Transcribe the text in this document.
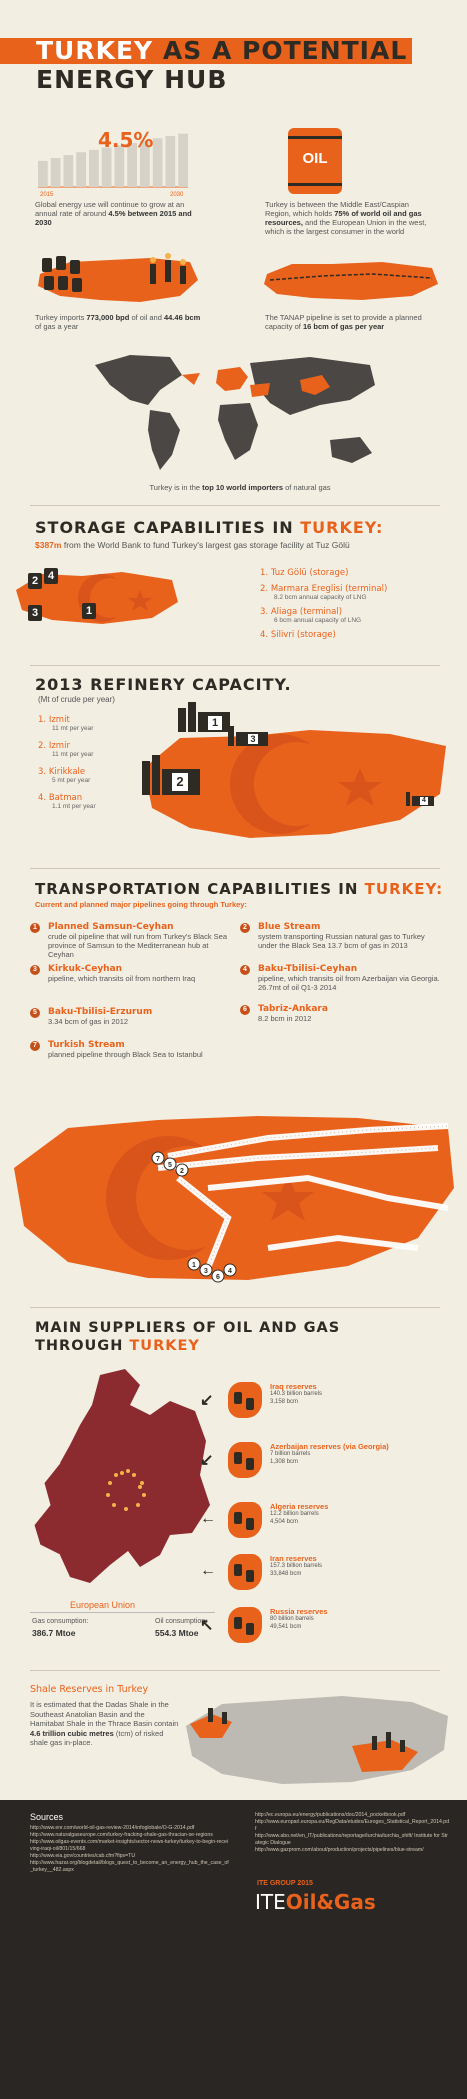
TURKEY AS A POTENTIAL
ENERGY HUB
4.5%
2015	2030
Global energy use will continue to grow at an annual rate of around 4.5% between 2015 and 2030
OIL
Turkey is between the Middle East/Caspian Region, which holds 75% of world oil and gas resources, and the European Union in the west, which is the largest consumer in the world
Turkey imports 773,000 bpd of oil and 44.46 bcm of gas a year
The TANAP pipeline is set to provide a planned capacity of 16 bcm of gas per year
Turkey is in the top 10 world importers of natural gas
STORAGE CAPABILITIES IN TURKEY:
$387m from the World Bank to fund Turkey's largest gas storage facility at Tuz Gölü
2 4
3	1
1. Tuz Gölü (storage)
2. Marmara Ereglisi (terminal)
8.2 bcm annual capacity of LNG
3. Aliaga (terminal)
6 bcm annual capacity of LNG
4. Silivri (storage)
2013 REFINERY CAPACITY.
(Mt of crude per year)
1. Izmit
11 mt per year
2. Izmir
11 mt per year
3. Kirikkale
5 mt per year
4. Batman
1.1 mt per year
1
2
3
4
TRANSPORTATION CAPABILITIES IN TURKEY:
Current and planned major pipelines going through Turkey:
1	Planned Samsun-Ceyhan
crude oil pipeline that will run from Turkey's Black Sea province of Samsun to the Mediterranean hub at Ceyhan
2	Blue Stream
system transporting Russian natural gas to Turkey under the Black Sea 13.7 bcm of gas in 2013
3	Kirkuk-Ceyhan
pipeline, which transits oil from northern Iraq
4	Baku-Tbilisi-Ceyhan
pipeline, which transits oil from Azerbaijan via Georgia. 26.7mt of oil Q1-3 2014
5	Baku-Tbilisi-Erzurum
3.34 bcm of gas in 2012
6	Tabriz-Ankara
8.2 bcm in 2012
7	Turkish Stream
planned pipeline through Black Sea to Istanbul
7
5
2
1
3
6
4
MAIN SUPPLIERS OF OIL AND GAS
THROUGH TURKEY
European Union
Gas consumption:
386.7 Mtoe
Oil consumption:
554.3 Mtoe
↙
Iraq reserves
140.3 billion barrels
3,158 bcm
↙
Azerbaijan reserves (via Georgia)
7 billion barrels
1,308 bcm
←
Algeria reserves
12.2 billion barrels
4,504 bcm
←
Iran reserves
157.3 billion barrels
33,848 bcm
↖
Russia reserves
80 billion barrels
49,541 bcm
Shale Reserves in Turkey
It is estimated that the Dadas Shale in the Southeast Anatolian Basin and the Hamitabat Shale in the Thrace Basin contain 4.6 trillion cubic metres (tcm) of risked shale gas in-place.
Sources
http://www.enr.com/world-oil-gas-review-2014/infoglobale/O-G-2014.pdf
http://www.naturalgaseurope.com/turkey-fracking-shale-gas-thracian-se-regions
http://www.oilgas-events.com/market-insights/sector-news-turkey/turkey-to-begin-receiving-iraqi-oil/801/15/668
http://www.eia.gov/countries/cab.cfm?fips=TU
http://www.hazar.org/blogdetail/blogs_quest_to_become_an_energy_hub_the_case_of_turkey__482.aspx
http://ec.europa.eu/energy/publications/doc/2014_pocketbook.pdf
http://www.europarl.europa.eu/RegData/etudes/Euroges_Statistical_Report_2014.pdf
http://www.abo.net/en_IT/publications/reportage/turchia/turchia_shift/ Institute for Strategic Dialogue
http://www.gazprom.com/about/production/projects/pipelines/blue-stream/
ITE GROUP 2015
ITEOil&Gas
